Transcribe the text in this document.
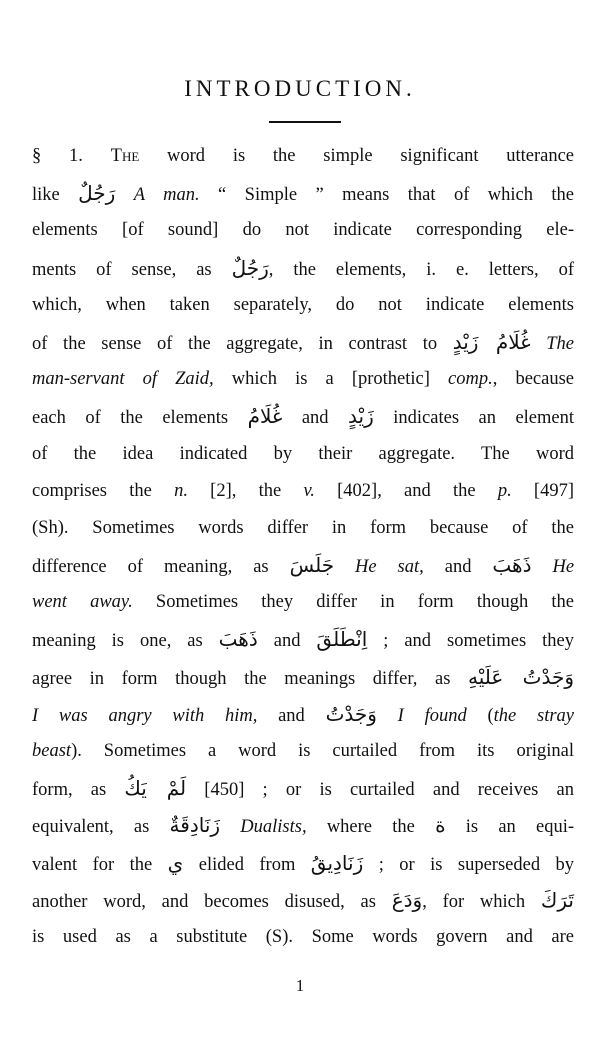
INTRODUCTION.
§ 1. The word is the simple significant utterance
like رَجُلٌ A man. “ Simple ” means that of which the
elements [of sound] do not indicate corresponding ele-
ments of sense, as رَجُلٌ, the elements, i. e. letters, of
which, when taken separately, do not indicate elements
of the sense of the aggregate, in contrast to غُلَامُ زَيْدٍ The
man-servant of Zaid, which is a [prothetic] comp., because
each of the elements غُلَامُ and زَيْدٍ indicates an element
of the idea indicated by their aggregate. The word
comprises the n. [2], the v. [402], and the p. [497]
(Sh). Sometimes words differ in form because of the
difference of meaning, as جَلَسَ He sat, and ذَهَبَ He
went away. Sometimes they differ in form though the
meaning is one, as ذَهَبَ and اِنْطَلَقَ ; and sometimes they
agree in form though the meanings differ, as وَجَدْتُ عَلَيْهِ
I was angry with him, and وَجَدْتُ I found (the stray
beast). Sometimes a word is curtailed from its original
form, as لَمْ يَكُ [450] ; or is curtailed and receives an
equivalent, as زَنَادِقَةٌ Dualists, where the ة is an equi-
valent for the ي elided from زَنَادِيقُ ; or is superseded by
another word, and becomes disused, as وَدَعَ, for which تَرَكَ
is used as a substitute (S). Some words govern and are
1
